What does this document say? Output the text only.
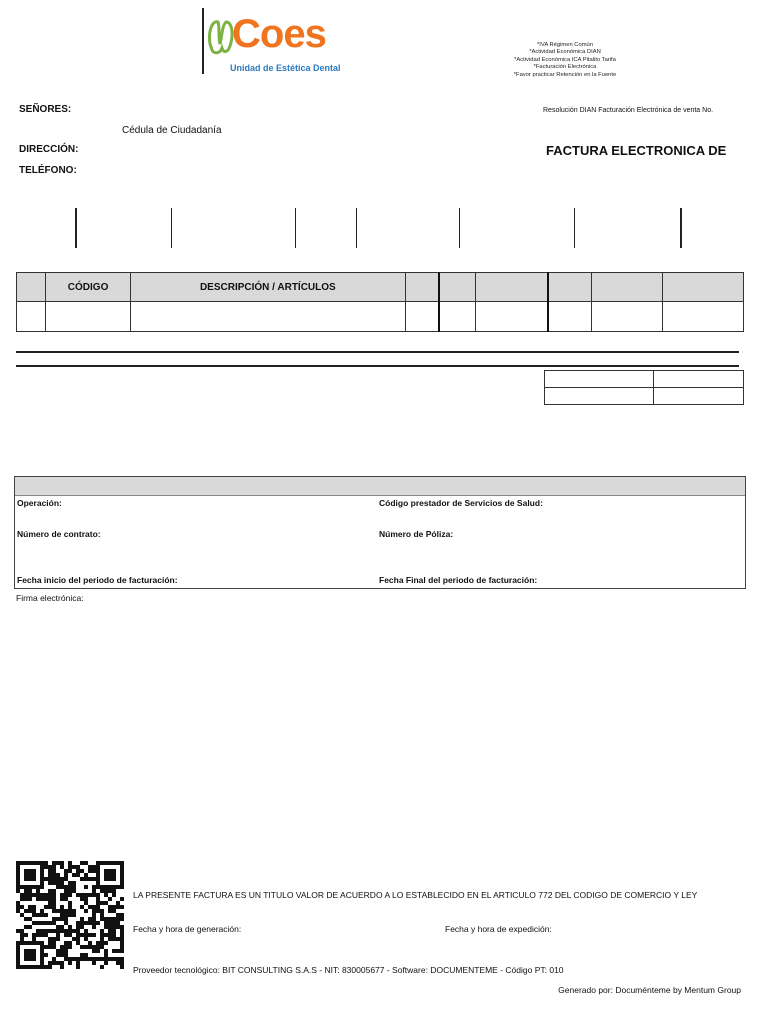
Coes
Unidad de Estética Dental
*IVA Régimen Común
*Actividad Económica DIAN
*Actividad Económica ICA Pitalito Tarifa
*Facturación Electrónica
*Favor practicar Retención en la Fuente
SEÑORES:
Cédula de Ciudadanía
DIRECCIÓN:
TELÉFONO:
Resolución DIAN Facturación Electrónica de venta No.
FACTURA ELECTRONICA DE
	CÓDIGO	DESCRIPCIÓN / ARTÍCULOS						

Operación:	Código prestador de Servicios de Salud:
Número de contrato:	Número de Póliza:
Fecha inicio del periodo de facturación:	Fecha Final del periodo de facturación:
Firma electrónica:
LA PRESENTE FACTURA ES UN TITULO VALOR DE ACUERDO A LO ESTABLECIDO EN EL ARTICULO 772 DEL CODIGO DE COMERCIO Y LEY
Fecha y hora de generación:	Fecha y hora de expedición:
Proveedor tecnológico: BIT CONSULTING S.A.S - NIT: 830005677 - Software: DOCUMENTEME - Código PT: 010
Generado por: Documénteme by Mentum Group
